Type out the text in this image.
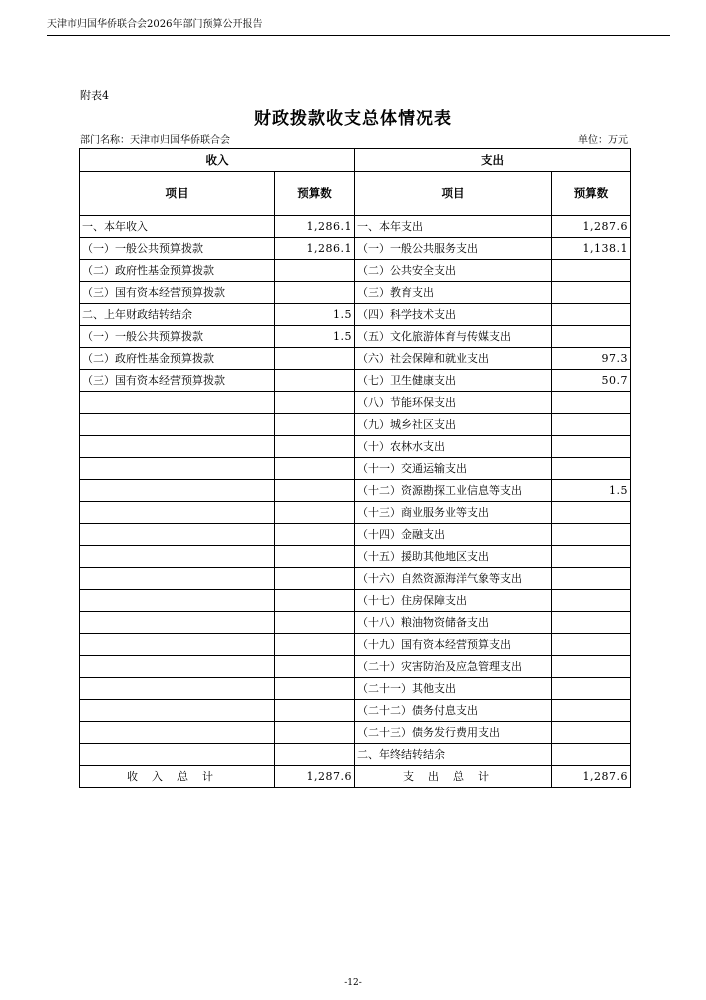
天津市归国华侨联合会2026年部门预算公开报告
附表4
财政拨款收支总体情况表
部门名称：天津市归国华侨联合会	单位：万元
收入		支出	
项目	预算数	项目	预算数
一、本年收入	1,286.1	一、本年支出	1,287.6
（一）一般公共预算拨款	1,286.1	（一）一般公共服务支出	1,138.1
（二）政府性基金预算拨款		（二）公共安全支出	
（三）国有资本经营预算拨款		（三）教育支出	
二、上年财政结转结余	1.5	（四）科学技术支出	
（一）一般公共预算拨款	1.5	（五）文化旅游体育与传媒支出	
（二）政府性基金预算拨款		（六）社会保障和就业支出	97.3
（三）国有资本经营预算拨款		（七）卫生健康支出	50.7
		（八）节能环保支出	
		（九）城乡社区支出	
		（十）农林水支出	
		（十一）交通运输支出	
		（十二）资源勘探工业信息等支出	1.5
		（十三）商业服务业等支出	
		（十四）金融支出	
		（十五）援助其他地区支出	
		（十六）自然资源海洋气象等支出	
		（十七）住房保障支出	
		（十八）粮油物资储备支出	
		（十九）国有资本经营预算支出	
		（二十）灾害防治及应急管理支出	
		（二十一）其他支出	
		（二十二）债务付息支出	
		（二十三）债务发行费用支出	
		二、年终结转结余	
收入总计	1,287.6	支出总计	1,287.6
-12-
